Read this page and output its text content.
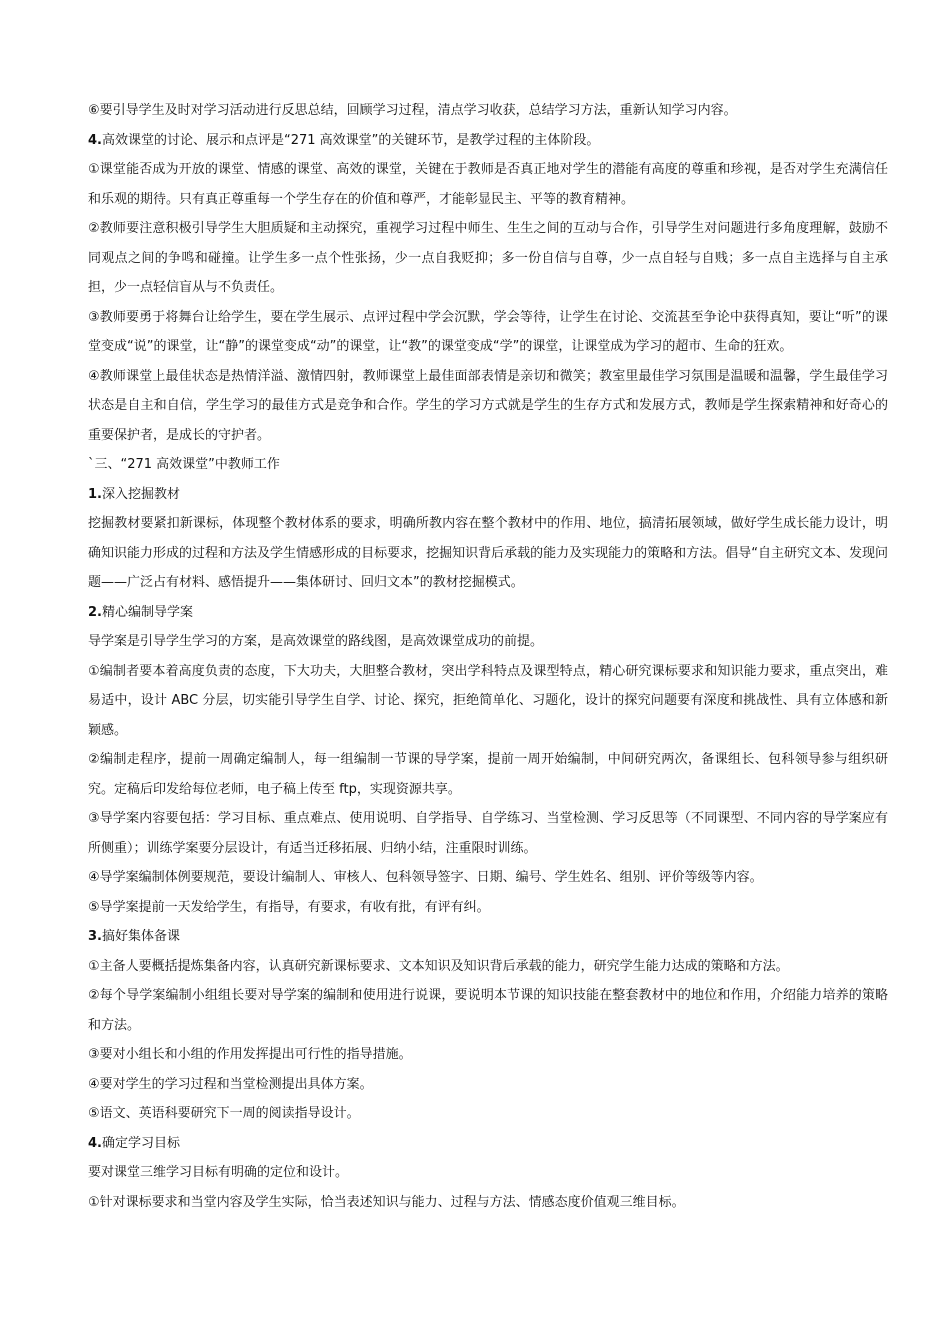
⑥要引导学生及时对学习活动进行反思总结，回顾学习过程，清点学习收获，总结学习方法，重新认知学习内容。

4.高效课堂的讨论、展示和点评是“271 高效课堂”的关键环节，是教学过程的主体阶段。

①课堂能否成为开放的课堂、情感的课堂、高效的课堂，关键在于教师是否真正地对学生的潜能有高度的尊重和珍视，是否对学生充满信任和乐观的期待。只有真正尊重每一个学生存在的价值和尊严，才能彰显民主、平等的教育精神。

②教师要注意积极引导学生大胆质疑和主动探究，重视学习过程中师生、生生之间的互动与合作，引导学生对问题进行多角度理解，鼓励不同观点之间的争鸣和碰撞。让学生多一点个性张扬，少一点自我贬抑；多一份自信与自尊，少一点自轻与自贱；多一点自主选择与自主承担，少一点轻信盲从与不负责任。

③教师要勇于将舞台让给学生，要在学生展示、点评过程中学会沉默，学会等待，让学生在讨论、交流甚至争论中获得真知，要让“听”的课堂变成“说”的课堂，让“静”的课堂变成“动”的课堂，让“教”的课堂变成“学”的课堂，让课堂成为学习的超市、生命的狂欢。

④教师课堂上最佳状态是热情洋溢、激情四射，教师课堂上最佳面部表情是亲切和微笑；教室里最佳学习氛围是温暖和温馨，学生最佳学习状态是自主和自信，学生学习的最佳方式是竞争和合作。学生的学习方式就是学生的生存方式和发展方式，教师是学生探索精神和好奇心的重要保护者，是成长的守护者。

`三、“271 高效课堂”中教师工作

1.深入挖掘教材

挖掘教材要紧扣新课标，体现整个教材体系的要求，明确所教内容在整个教材中的作用、地位，搞清拓展领域，做好学生成长能力设计，明确知识能力形成的过程和方法及学生情感形成的目标要求，挖掘知识背后承载的能力及实现能力的策略和方法。倡导“自主研究文本、发现问题——广泛占有材料、感悟提升——集体研讨、回归文本”的教材挖掘模式。

2.精心编制导学案

导学案是引导学生学习的方案，是高效课堂的路线图，是高效课堂成功的前提。

①编制者要本着高度负责的态度，下大功夫，大胆整合教材，突出学科特点及课型特点，精心研究课标要求和知识能力要求，重点突出，难易适中，设计 ABC 分层，切实能引导学生自学、讨论、探究，拒绝简单化、习题化，设计的探究问题要有深度和挑战性、具有立体感和新颖感。

②编制走程序，提前一周确定编制人，每一组编制一节课的导学案，提前一周开始编制，中间研究两次，备课组长、包科领导参与组织研究。定稿后印发给每位老师，电子稿上传至 ftp，实现资源共享。

③导学案内容要包括：学习目标、重点难点、使用说明、自学指导、自学练习、当堂检测、学习反思等（不同课型、不同内容的导学案应有所侧重）；训练学案要分层设计，有适当迁移拓展、归纳小结，注重限时训练。

④导学案编制体例要规范，要设计编制人、审核人、包科领导签字、日期、编号、学生姓名、组别、评价等级等内容。

⑤导学案提前一天发给学生，有指导，有要求，有收有批，有评有纠。

3.搞好集体备课

①主备人要概括提炼集备内容，认真研究新课标要求、文本知识及知识背后承载的能力，研究学生能力达成的策略和方法。

②每个导学案编制小组组长要对导学案的编制和使用进行说课，要说明本节课的知识技能在整套教材中的地位和作用，介绍能力培养的策略和方法。

③要对小组长和小组的作用发挥提出可行性的指导措施。

④要对学生的学习过程和当堂检测提出具体方案。

⑤语文、英语科要研究下一周的阅读指导设计。

4.确定学习目标

要对课堂三维学习目标有明确的定位和设计。

①针对课标要求和当堂内容及学生实际，恰当表述知识与能力、过程与方法、情感态度价值观三维目标。
